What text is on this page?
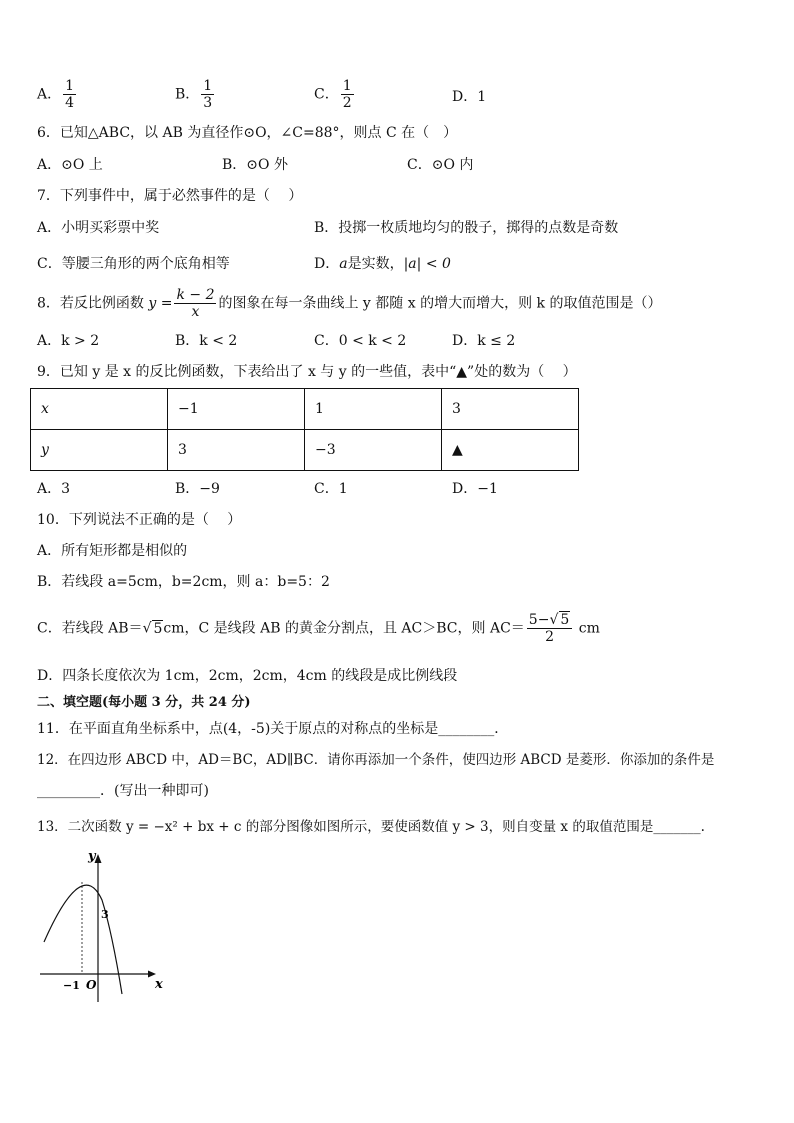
A． $\frac{1}{4}$	B． $\frac{1}{3}$	C． $\frac{1}{2}$	D．1
6．已知△ABC，以 AB 为直径作⊙O，∠C=88°，则点 C 在（　）
A．⊙O 上	B．⊙O 外	C．⊙O 内
7．下列事件中，属于必然事件的是（　 ）
A．小明买彩票中奖	B．投掷一枚质地均匀的骰子，掷得的点数是奇数
C．等腰三角形的两个底角相等	D．a是实数，|a| < 0
8．若反比例函数 $y = \frac{k - 2}{x}$ 的图象在每一条曲线上 y 都随 x 的增大而增大，则 k 的取值范围是（）
A．k > 2	B．k < 2	C．0 < k < 2	D．k ≤ 2
9．已知 y 是 x 的反比例函数，下表给出了 x 与 y 的一些值，表中“▲”处的数为（　 ）
x	−1	1	3
y	3	−3	▲
A．3	B．−9	C．1	D．−1
10．下列说法不正确的是（　 ）
A．所有矩形都是相似的
B．若线段 a=5cm，b=2cm，则 a：b=5：2
C．若线段 AB＝√ 5cm，C 是线段 AB 的黄金分割点，且 AC＞BC，则 $AC= \frac{5-√ 5}{2}$ cm
D．四条长度依次为 1cm，2cm，2cm，4cm 的线段是成比例线段
二、填空题(每小题 3 分，共 24 分)
11．在平面直角坐标系中，点(4，-5)关于原点的对称点的坐标是________．
12．在四边形 ABCD 中，AD＝BC，AD∥BC．请你再添加一个条件，使四边形 ABCD 是菱形．你添加的条件是
_________．(写出一种即可)
13．二次函数 y = −x² + bx + c 的部分图像如图所示，要使函数值 y > 3，则自变量 x 的取值范围是_______.
y
x
O
3
−1
